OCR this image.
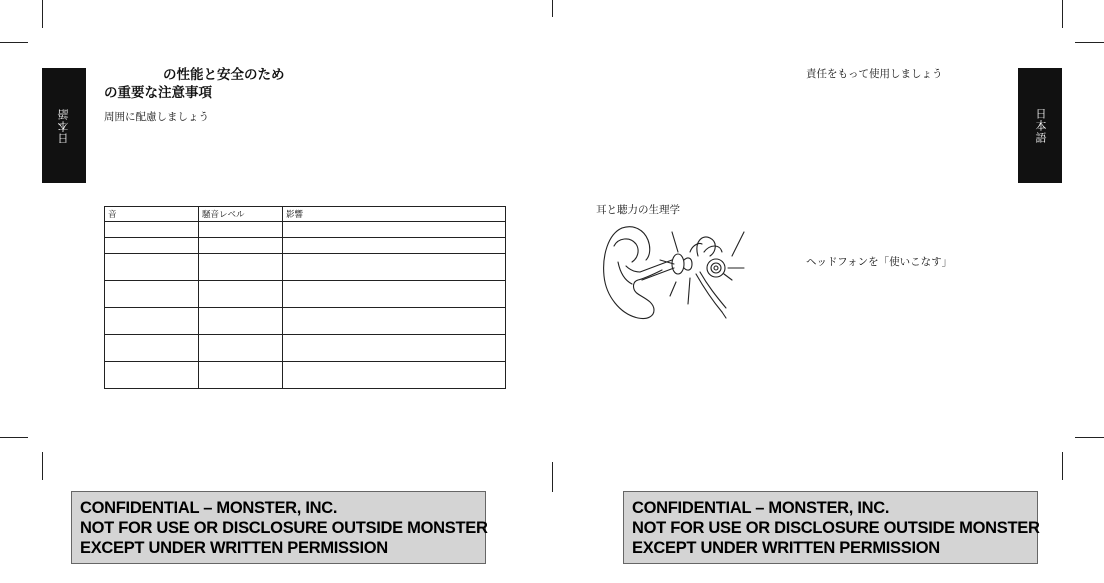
日本語	日本語
の性能と安全のため
の重要な注意事項
周囲に配慮しましょう
音	騒音レベル	影響

責任をもって使用しましょう
耳と聴力の生理学
ヘッドフォンを「使いこなす」
CONFIDENTIAL – MONSTER, INC.
NOT FOR USE OR DISCLOSURE OUTSIDE MONSTER
EXCEPT UNDER WRITTEN PERMISSION
CONFIDENTIAL – MONSTER, INC.
NOT FOR USE OR DISCLOSURE OUTSIDE MONSTER
EXCEPT UNDER WRITTEN PERMISSION
